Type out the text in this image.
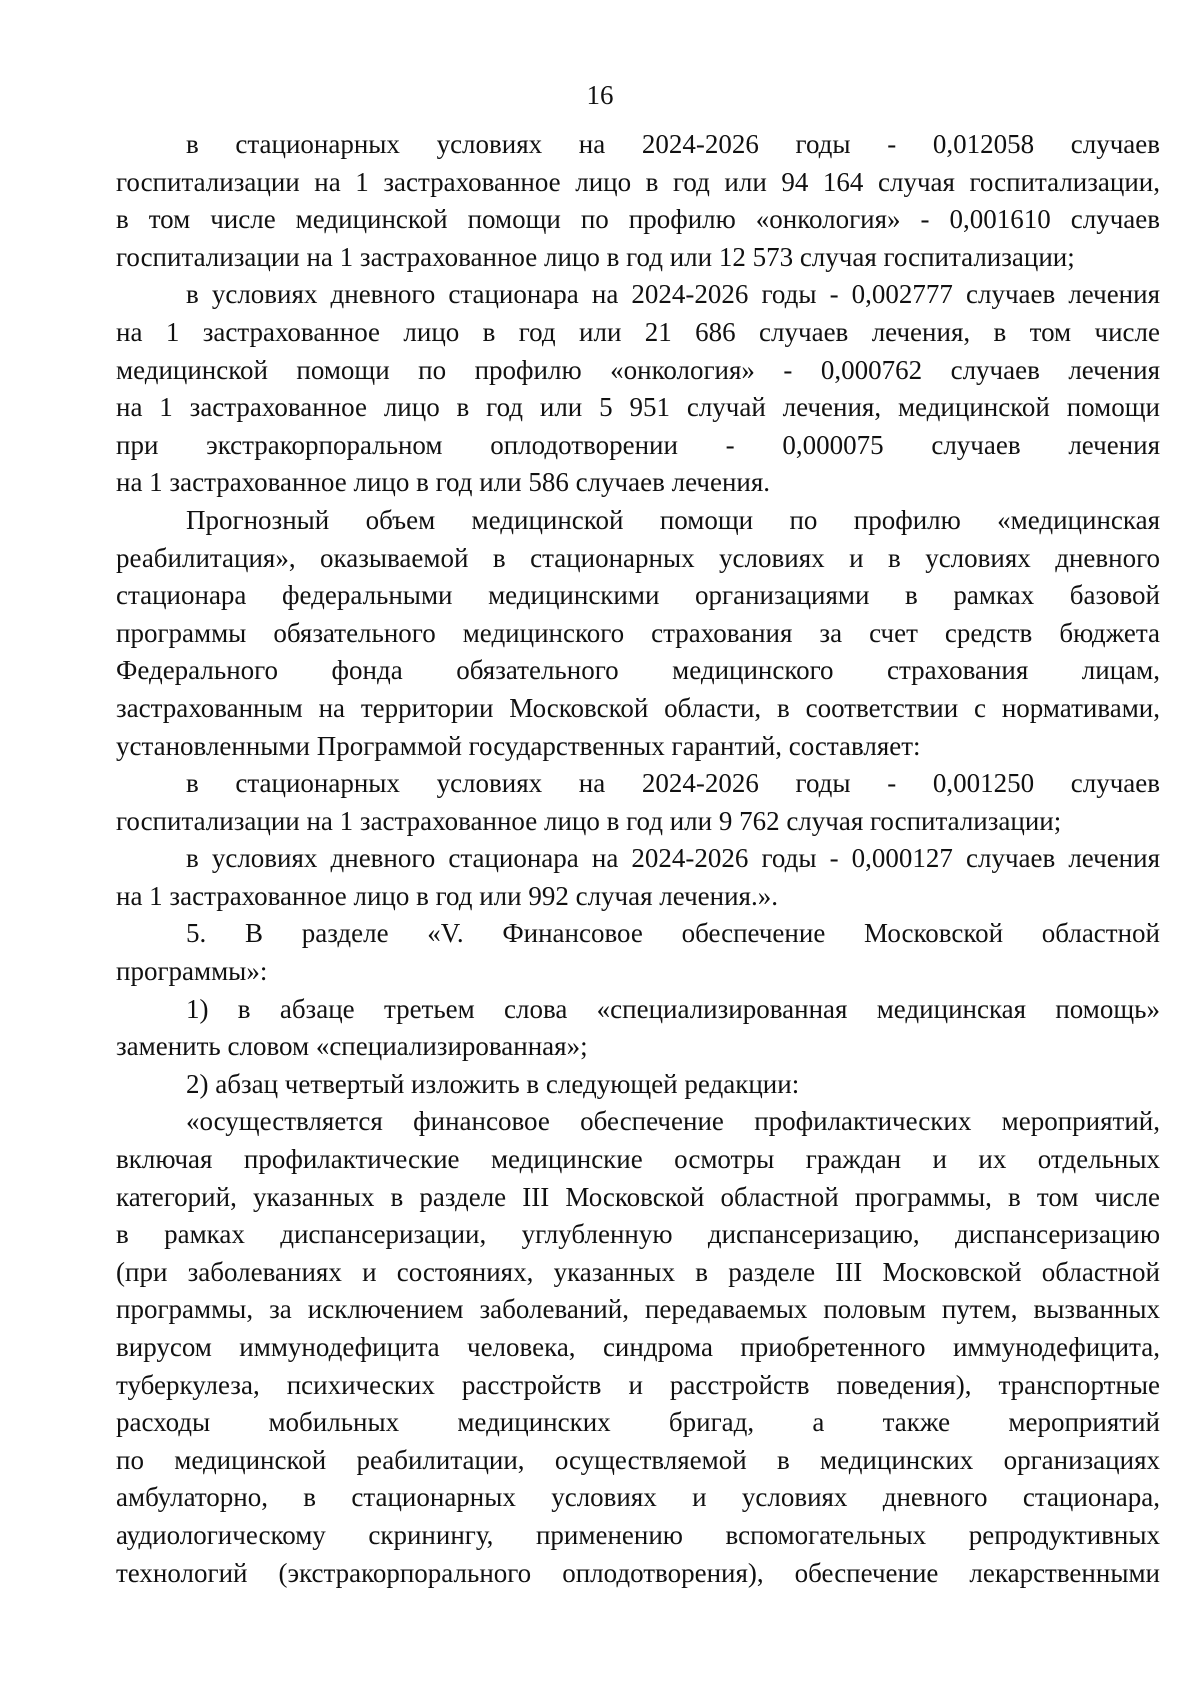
16
в стационарных условиях на 2024-2026 годы - 0,012058 случаев
госпитализации на 1 застрахованное лицо в год или 94 164 случая госпитализации,
в том числе медицинской помощи по профилю «онкология» - 0,001610 случаев
госпитализации на 1 застрахованное лицо в год или 12 573 случая госпитализации;
в условиях дневного стационара на 2024-2026 годы - 0,002777 случаев лечения
на 1 застрахованное лицо в год или 21 686 случаев лечения, в том числе
медицинской помощи по профилю «онкология» - 0,000762 случаев лечения
на 1 застрахованное лицо в год или 5 951 случай лечения, медицинской помощи
при экстракорпоральном оплодотворении - 0,000075 случаев лечения
на 1 застрахованное лицо в год или 586 случаев лечения.
Прогнозный объем медицинской помощи по профилю «медицинская
реабилитация», оказываемой в стационарных условиях и в условиях дневного
стационара федеральными медицинскими организациями в рамках базовой
программы обязательного медицинского страхования за счет средств бюджета
Федерального фонда обязательного медицинского страхования лицам,
застрахованным на территории Московской области, в соответствии с нормативами,
установленными Программой государственных гарантий, составляет:
в стационарных условиях на 2024-2026 годы - 0,001250 случаев
госпитализации на 1 застрахованное лицо в год или 9 762 случая госпитализации;
в условиях дневного стационара на 2024-2026 годы - 0,000127 случаев лечения
на 1 застрахованное лицо в год или 992 случая лечения.».
5. В разделе «V. Финансовое обеспечение Московской областной
программы»:
1) в абзаце третьем слова «специализированная медицинская помощь»
заменить словом «специализированная»;
2) абзац четвертый изложить в следующей редакции:
«осуществляется финансовое обеспечение профилактических мероприятий,
включая профилактические медицинские осмотры граждан и их отдельных
категорий, указанных в разделе III Московской областной программы, в том числе
в рамках диспансеризации, углубленную диспансеризацию, диспансеризацию
(при заболеваниях и состояниях, указанных в разделе III Московской областной
программы, за исключением заболеваний, передаваемых половым путем, вызванных
вирусом иммунодефицита человека, синдрома приобретенного иммунодефицита,
туберкулеза, психических расстройств и расстройств поведения), транспортные
расходы мобильных медицинских бригад, а также мероприятий
по медицинской реабилитации, осуществляемой в медицинских организациях
амбулаторно, в стационарных условиях и условиях дневного стационара,
аудиологическому скринингу, применению вспомогательных репродуктивных
технологий (экстракорпорального оплодотворения), обеспечение лекарственными
